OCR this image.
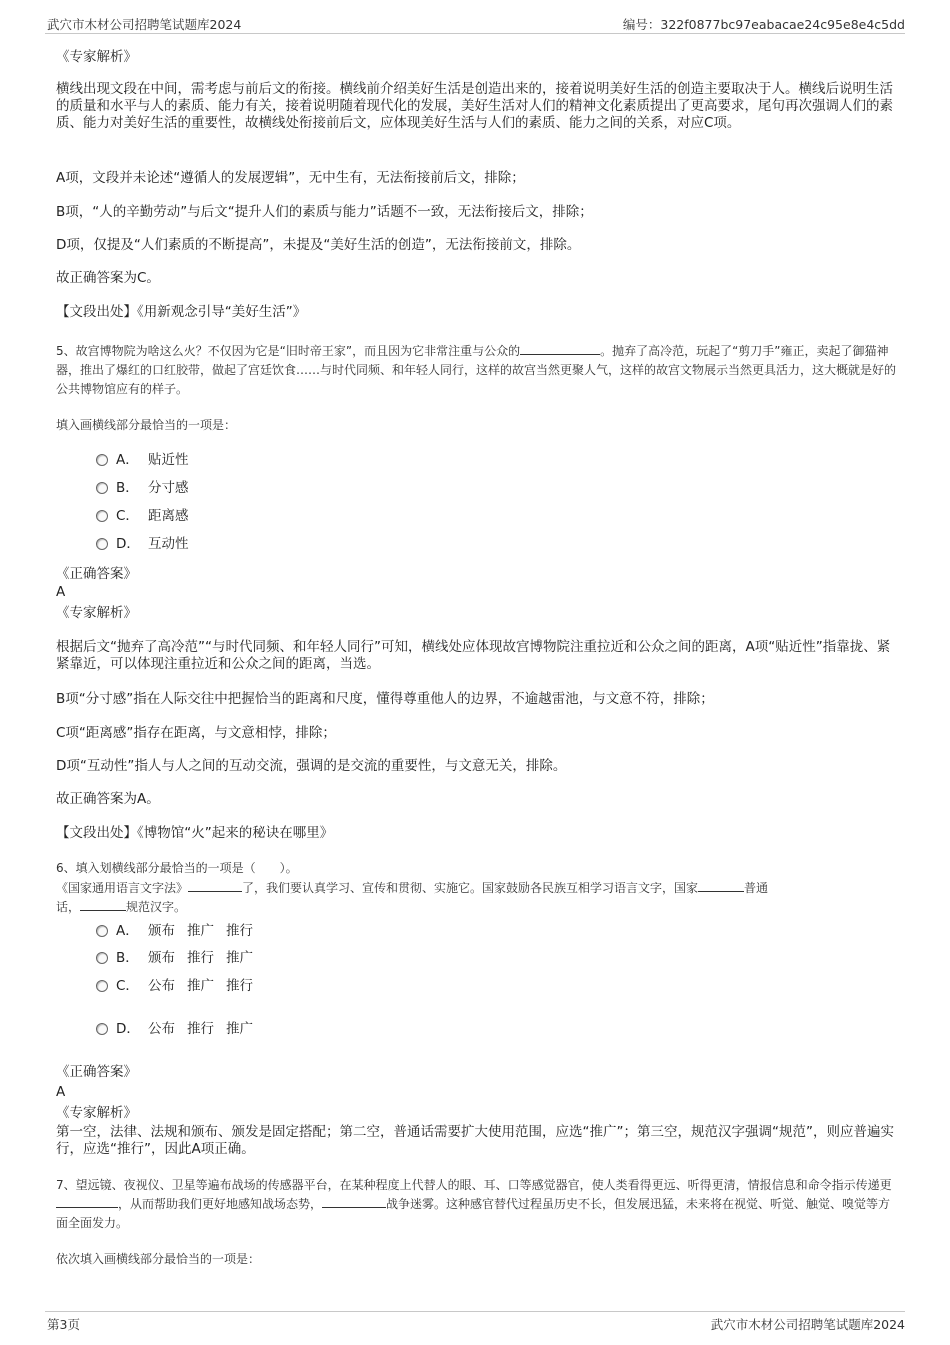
武穴市木材公司招聘笔试题库2024	编号：322f0877bc97eabacae24c95e8e4c5dd
《专家解析》
横线出现文段在中间，需考虑与前后文的衔接。横线前介绍美好生活是创造出来的，接着说明美好生活的创造主要取决于人。横线后说明生活的质量和水平与人的素质、能力有关，接着说明随着现代化的发展，美好生活对人们的精神文化素质提出了更高要求，尾句再次强调人们的素质、能力对美好生活的重要性，故横线处衔接前后文，应体现美好生活与人们的素质、能力之间的关系，对应C项。
A项，文段并未论述“遵循人的发展逻辑”，无中生有，无法衔接前后文，排除；
B项，“人的辛勤劳动”与后文“提升人们的素质与能力”话题不一致，无法衔接后文，排除；
D项，仅提及“人们素质的不断提高”，未提及“美好生活的创造”，无法衔接前文，排除。
故正确答案为C。
【文段出处】《用新观念引导“美好生活”》
5、故宫博物院为啥这么火？不仅因为它是“旧时帝王家”，而且因为它非常注重与公众的	。抛弃了高冷范，玩起了“剪刀手”雍正，卖起了御猫神器，推出了爆红的口红胶带，做起了宫廷饮食……与时代同频、和年轻人同行，这样的故宫当然更聚人气，这样的故宫文物展示当然更具活力，这大概就是好的公共博物馆应有的样子。
填入画横线部分最恰当的一项是：
A． 贴近性
B． 分寸感
C． 距离感
D． 互动性
《正确答案》
A
《专家解析》
根据后文“抛弃了高冷范”“与时代同频、和年轻人同行”可知，横线处应体现故宫博物院注重拉近和公众之间的距离，A项“贴近性”指靠拢、紧紧靠近，可以体现注重拉近和公众之间的距离，当选。
B项“分寸感”指在人际交往中把握恰当的距离和尺度，懂得尊重他人的边界，不逾越雷池，与文意不符，排除；
C项“距离感”指存在距离，与文意相悖，排除；
D项“互动性”指人与人之间的互动交流，强调的是交流的重要性，与文意无关，排除。
故正确答案为A。
【文段出处】《博物馆“火”起来的秘诀在哪里》
6、填入划横线部分最恰当的一项是（　　）。
《国家通用语言文字法》	了，我们要认真学习、宣传和贯彻、实施它。国家鼓励各民族互相学习语言文字，国家	普通
话，	规范汉字。
A． 颁布 推广 推行
B． 颁布 推行 推广
C． 公布 推广 推行
D． 公布 推行 推广
《正确答案》
A
《专家解析》
第一空，法律、法规和颁布、颁发是固定搭配；第二空，普通话需要扩大使用范围，应选“推广”；第三空，规范汉字强调“规范”，则应普遍实行，应选“推行”，因此A项正确。
7、望远镜、夜视仪、卫星等遍布战场的传感器平台，在某种程度上代替人的眼、耳、口等感觉器官，使人类看得更远、听得更清，情报信息和命令指示传递更，从而帮助我们更好地感知战场态势，	战争迷雾。这种感官替代过程虽历史不长，但发展迅猛，未来将在视觉、听觉、触觉、嗅觉等方面全面发力。
依次填入画横线部分最恰当的一项是：
第3页	武穴市木材公司招聘笔试题库2024
